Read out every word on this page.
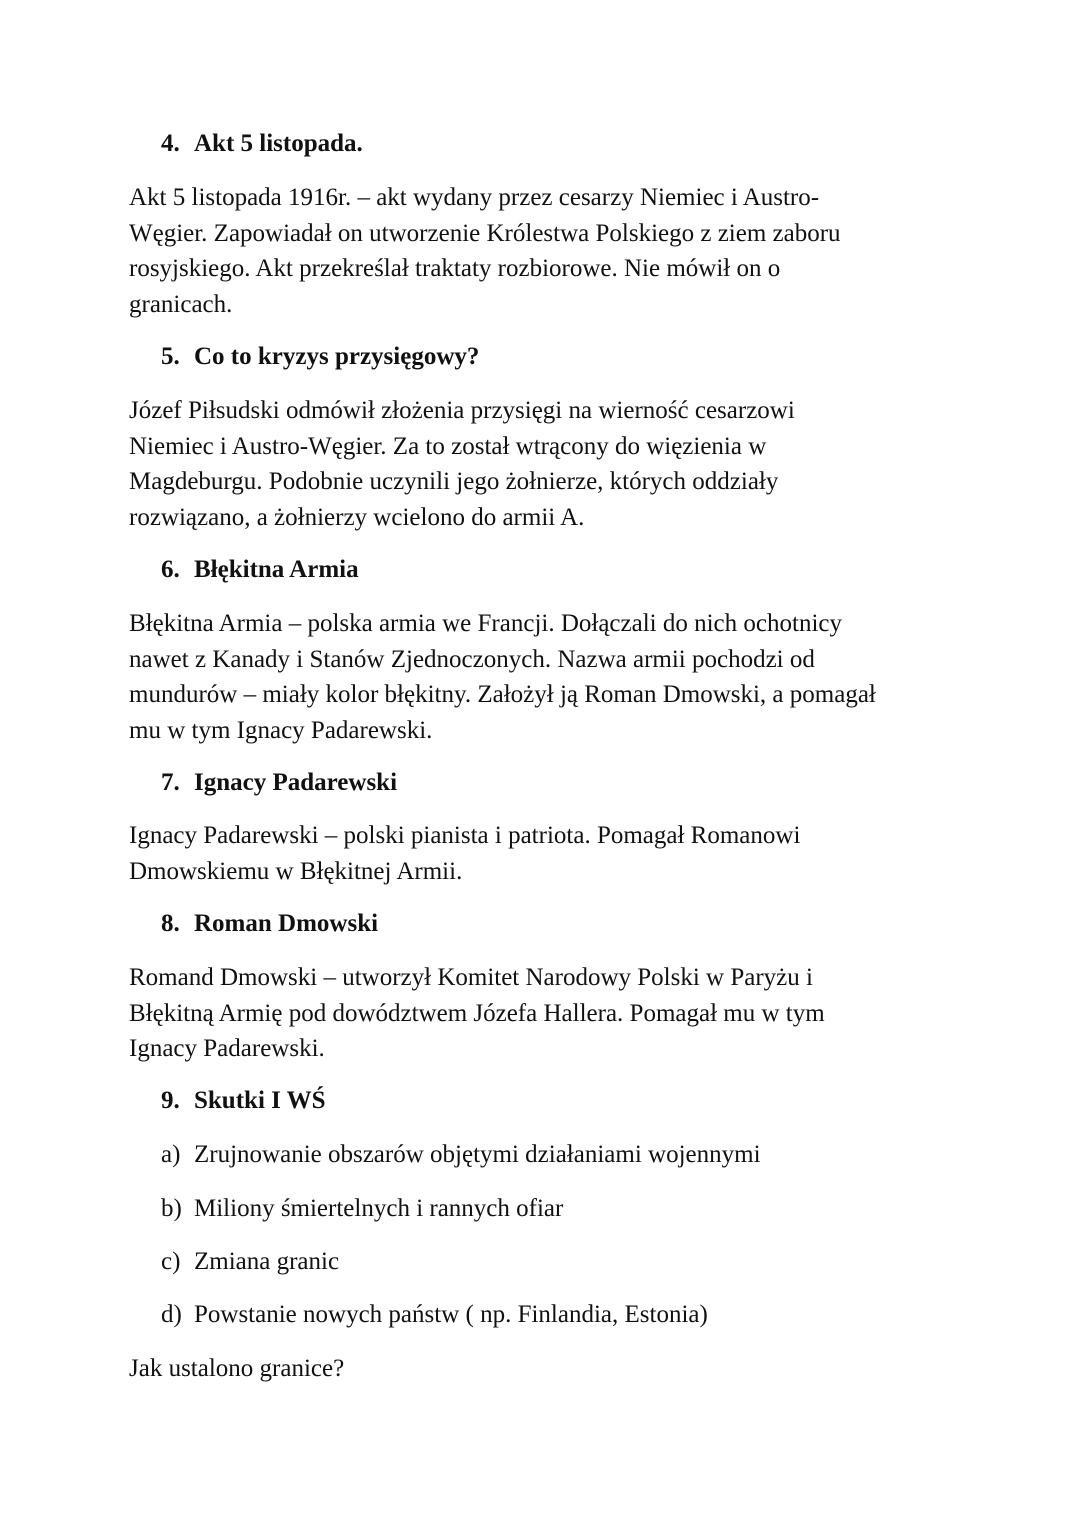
4. Akt 5 listopada.

Akt 5 listopada 1916r. – akt wydany przez cesarzy Niemiec i Austro-
Węgier. Zapowiadał on utworzenie Królestwa Polskiego z ziem zaboru
rosyjskiego. Akt przekreślał traktaty rozbiorowe. Nie mówił on o
granicach.

5. Co to kryzys przysięgowy?

Józef Piłsudski odmówił złożenia przysięgi na wierność cesarzowi
Niemiec i Austro-Węgier. Za to został wtrącony do więzienia w
Magdeburgu. Podobnie uczynili jego żołnierze, których oddziały
rozwiązano, a żołnierzy wcielono do armii A.

6. Błękitna Armia

Błękitna Armia – polska armia we Francji. Dołączali do nich ochotnicy
nawet z Kanady i Stanów Zjednoczonych. Nazwa armii pochodzi od
mundurów – miały kolor błękitny. Założył ją Roman Dmowski, a pomagał
mu w tym Ignacy Padarewski.

7. Ignacy Padarewski

Ignacy Padarewski – polski pianista i patriota. Pomagał Romanowi
Dmowskiemu w Błękitnej Armii.

8. Roman Dmowski

Romand Dmowski – utworzył Komitet Narodowy Polski w Paryżu i
Błękitną Armię pod dowództwem Józefa Hallera. Pomagał mu w tym
Ignacy Padarewski.

9. Skutki I WŚ

a) Zrujnowanie obszarów objętymi działaniami wojennymi

b) Miliony śmiertelnych i rannych ofiar

c) Zmiana granic

d) Powstanie nowych państw ( np. Finlandia, Estonia)

Jak ustalono granice?
